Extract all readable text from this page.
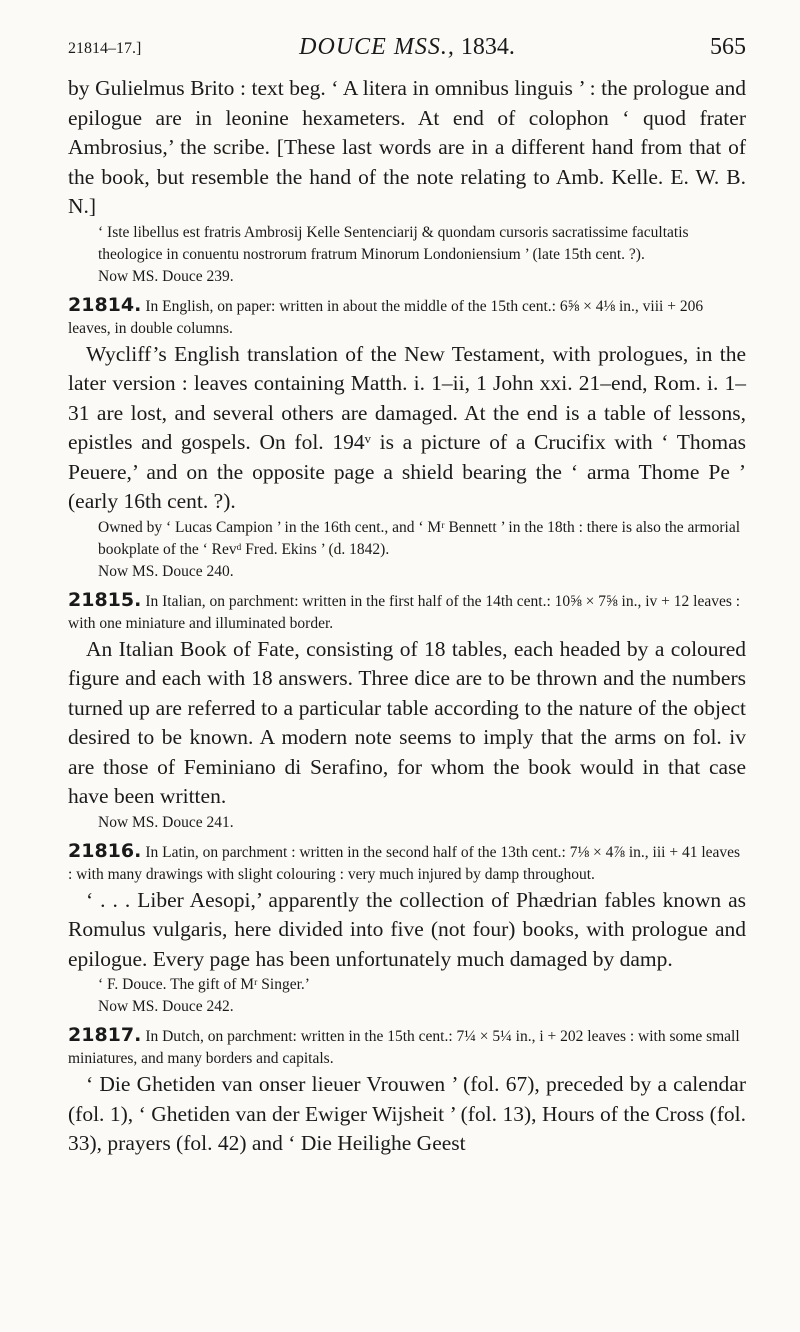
21814–17.]	DOUCE MSS., 1834.	565

by Gulielmus Brito : text beg. ‘ A litera in omnibus linguis ’ : the prologue and epilogue are in leonine hexameters. At end of colophon ‘ quod frater Ambrosius,’ the scribe. [These last words are in a different hand from that of the book, but resemble the hand of the note relating to Amb. Kelle. E. W. B. N.]

‘ Iste libellus est fratris Ambrosij Kelle Sentenciarij & quondam cursoris sacratissime facultatis theologice in conuentu nostrorum fratrum Minorum Londoniensium ’ (late 15th cent. ?).

Now MS. Douce 239.

21814. In English, on paper: written in about the middle of the 15th cent.: 6⅝ × 4⅛ in., viii + 206 leaves, in double columns.

Wycliff’s English translation of the New Testament, with prologues, in the later version : leaves containing Matth. i. 1–ii, 1 John xxi. 21–end, Rom. i. 1–31 are lost, and several others are damaged. At the end is a table of lessons, epistles and gospels. On fol. 194ᵛ is a picture of a Crucifix with ‘ Thomas Peuere,’ and on the opposite page a shield bearing the ‘ arma Thome Pe ’ (early 16th cent. ?).

Owned by ‘ Lucas Campion ’ in the 16th cent., and ‘ Mʳ Bennett ’ in the 18th : there is also the armorial bookplate of the ‘ Revᵈ Fred. Ekins ’ (d. 1842).

Now MS. Douce 240.

21815. In Italian, on parchment: written in the first half of the 14th cent.: 10⅝ × 7⅝ in., iv + 12 leaves : with one miniature and illuminated border.

An Italian Book of Fate, consisting of 18 tables, each headed by a coloured figure and each with 18 answers. Three dice are to be thrown and the numbers turned up are referred to a particular table according to the nature of the object desired to be known. A modern note seems to imply that the arms on fol. iv are those of Feminiano di Serafino, for whom the book would in that case have been written.

Now MS. Douce 241.

21816. In Latin, on parchment : written in the second half of the 13th cent.: 7⅛ × 4⅞ in., iii + 41 leaves : with many drawings with slight colouring : very much injured by damp throughout.

‘ . . . Liber Aesopi,’ apparently the collection of Phædrian fables known as Romulus vulgaris, here divided into five (not four) books, with prologue and epilogue. Every page has been unfortunately much damaged by damp.

‘ F. Douce. The gift of Mʳ Singer.’

Now MS. Douce 242.

21817. In Dutch, on parchment: written in the 15th cent.: 7¼ × 5¼ in., i + 202 leaves : with some small miniatures, and many borders and capitals.

‘ Die Ghetiden van onser lieuer Vrouwen ’ (fol. 67), preceded by a calendar (fol. 1), ‘ Ghetiden van der Ewiger Wijsheit ’ (fol. 13), Hours of the Cross (fol. 33), prayers (fol. 42) and ‘ Die Heilighe Geest
